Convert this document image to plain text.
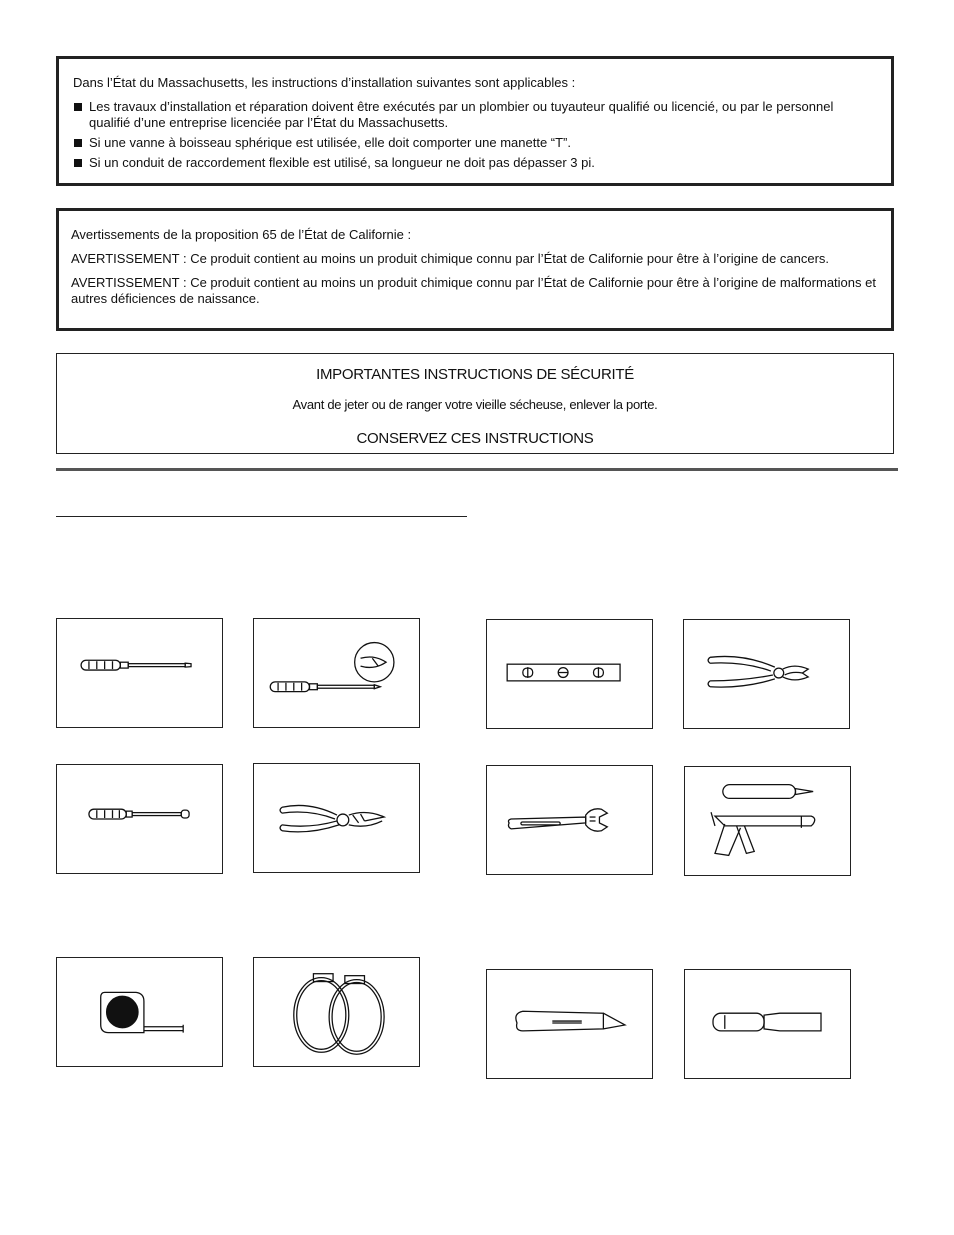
Dans l’État du Massachusetts, les instructions d’installation suivantes sont applicables :

Les travaux d’installation et réparation doivent être exécutés par un plombier ou tuyauteur qualifié ou licencié, ou par le personnel qualifié d’une entreprise licenciée par l’État du Massachusetts.
Si une vanne à boisseau sphérique est utilisée, elle doit comporter une manette “T”.
Si un conduit de raccordement flexible est utilisé, sa longueur ne doit pas dépasser 3 pi.

Avertissements de la proposition 65 de l’État de Californie :

AVERTISSEMENT : Ce produit contient au moins un produit chimique connu par l’État de Californie pour être à l’origine de cancers.

AVERTISSEMENT : Ce produit contient au moins un produit chimique connu par l’État de Californie pour être à l’origine de malformations et autres déficiences de naissance.

IMPORTANTES INSTRUCTIONS DE SÉCURITÉ
Avant de jeter ou de ranger votre vieille sécheuse, enlever la porte.
CONSERVEZ CES INSTRUCTIONS
